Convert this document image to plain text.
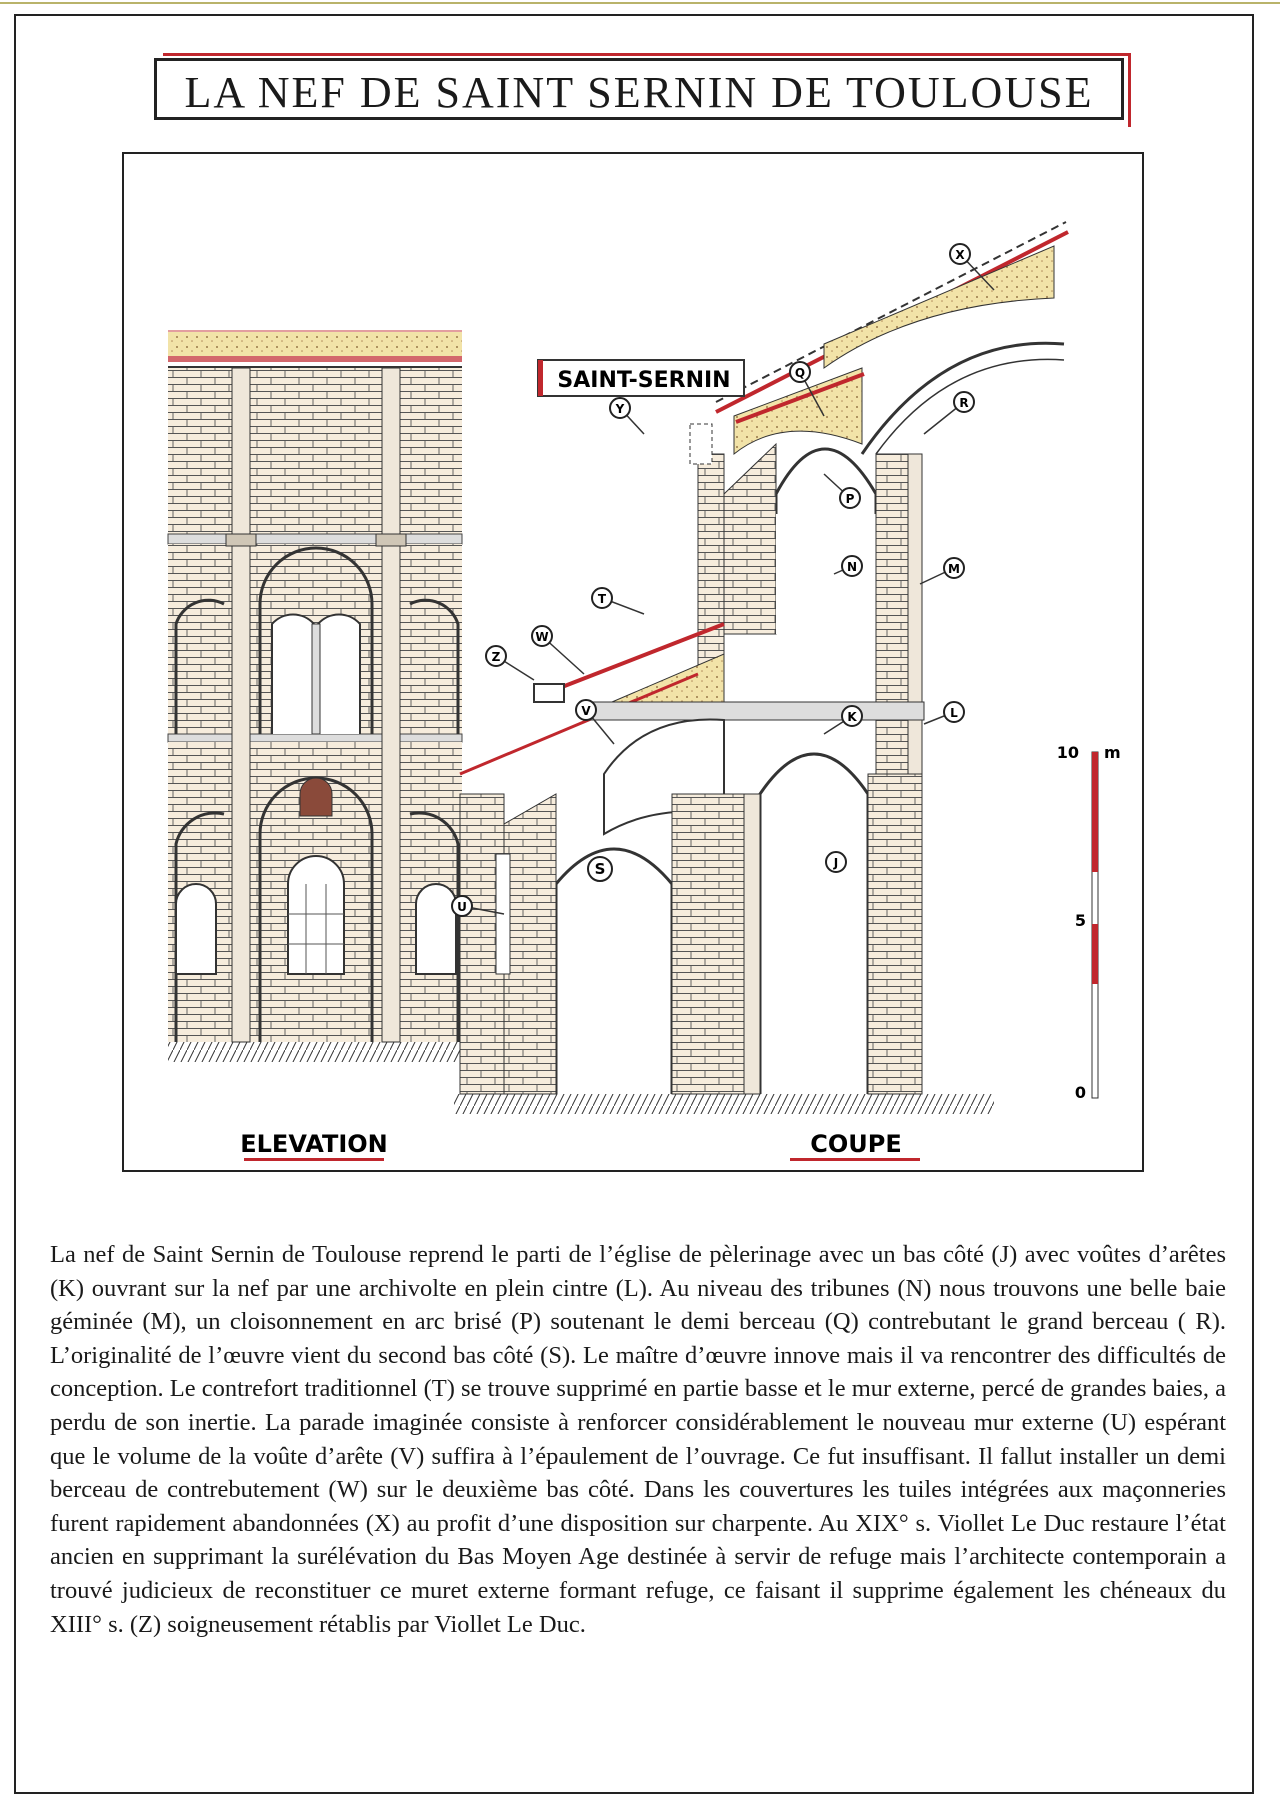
LA NEF DE SAINT SERNIN DE TOULOUSE
SAINT-SERNIN
ELEVATION	COUPE
10 m
5
0
X
Q
R
Y
P
N	M
T
W
Z
V	K	L
S	J
U

La nef de Saint Sernin de Toulouse reprend le parti de l’église de pèlerinage avec un bas côté (J) avec voûtes d’arêtes (K) ouvrant sur la nef par une archivolte en plein cintre (L). Au niveau des tribunes (N) nous trouvons une belle baie géminée (M), un cloisonnement en arc brisé (P) soutenant le demi berceau (Q) contrebutant le grand berceau ( R). L’originalité de l’œuvre vient du second bas côté (S). Le maître d’œuvre innove mais il va rencontrer des difficultés de conception. Le contrefort traditionnel (T) se trouve supprimé en partie basse et le mur externe, percé de grandes baies, a perdu de son inertie. La parade imaginée consiste à renforcer considérablement le nouveau mur externe (U) espérant que le volume de la voûte d’arête (V) suffira à l’épaulement de l’ouvrage. Ce fut insuffisant. Il fallut installer un demi berceau de contrebutement (W) sur le deuxième bas côté. Dans les couvertures les tuiles intégrées aux maçonneries furent rapidement abandonnées (X) au profit d’une disposition sur charpente. Au XIX° s. Viollet Le Duc restaure l’état ancien en supprimant la surélévation du Bas Moyen Age destinée à servir de refuge mais l’architecte contemporain a trouvé judicieux de reconstituer ce muret externe formant refuge, ce faisant il supprime également les chéneaux du XIII° s. (Z) soigneusement rétablis par Viollet Le Duc.
